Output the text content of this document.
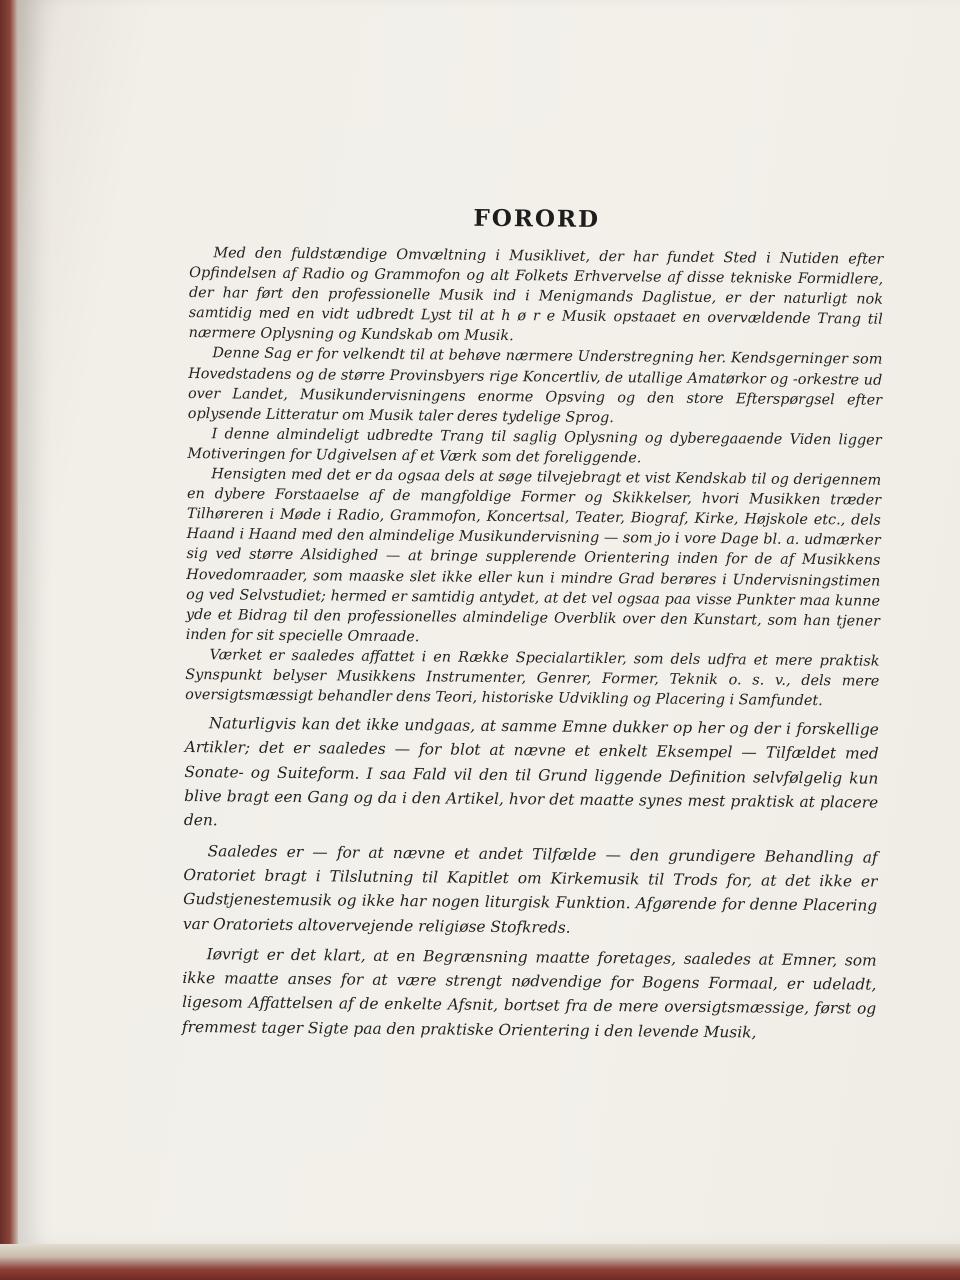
FORORD

Med den fuldstændige Omvæltning i Musiklivet, der har fundet Sted i Nutiden efter Opfindelsen af Radio og Grammofon og alt Folkets Erhvervelse af disse tekniske Formidlere, der har ført den professionelle Musik ind i Menigmands Daglistue, er der naturligt nok samtidig med en vidt udbredt Lyst til at h ø r e Musik opstaaet en overvældende Trang til nærmere Oplysning og Kundskab om Musik.

Denne Sag er for velkendt til at behøve nærmere Understregning her. Kendsgerninger som Hovedstadens og de større Provinsbyers rige Koncertliv, de utallige Amatørkor og -orkestre ud over Landet, Musikundervisningens enorme Opsving og den store Efterspørgsel efter oplysende Litteratur om Musik taler deres tydelige Sprog.

I denne almindeligt udbredte Trang til saglig Oplysning og dyberegaaende Viden ligger Motiveringen for Udgivelsen af et Værk som det foreliggende.

Hensigten med det er da ogsaa dels at søge tilvejebragt et vist Kendskab til og derigennem en dybere Forstaaelse af de mangfoldige Former og Skikkelser, hvori Musikken træder Tilhøreren i Møde i Radio, Grammofon, Koncertsal, Teater, Biograf, Kirke, Højskole etc., dels Haand i Haand med den almindelige Musikundervisning — som jo i vore Dage bl. a. udmærker sig ved større Alsidighed — at bringe supplerende Orientering inden for de af Musikkens Hovedomraader, som maaske slet ikke eller kun i mindre Grad berøres i Undervisningstimen og ved Selvstudiet; hermed er samtidig antydet, at det vel ogsaa paa visse Punkter maa kunne yde et Bidrag til den professionelles almindelige Overblik over den Kunstart, som han tjener inden for sit specielle Omraade.

Værket er saaledes affattet i en Række Specialartikler, som dels udfra et mere praktisk Synspunkt belyser Musikkens Instrumenter, Genrer, Former, Teknik o. s. v., dels mere oversigtsmæssigt behandler dens Teori, historiske Udvikling og Placering i Samfundet.

Naturligvis kan det ikke undgaas, at samme Emne dukker op her og der i forskellige Artikler; det er saaledes — for blot at nævne et enkelt Eksempel — Tilfældet med Sonate- og Suiteform. I saa Fald vil den til Grund liggende Definition selvfølgelig kun blive bragt een Gang og da i den Artikel, hvor det maatte synes mest praktisk at placere den.

Saaledes er — for at nævne et andet Tilfælde — den grundigere Behandling af Oratoriet bragt i Tilslutning til Kapitlet om Kirkemusik til Trods for, at det ikke er Gudstjenestemusik og ikke har nogen liturgisk Funktion. Afgørende for denne Placering var Oratoriets altovervejende religiøse Stofkreds.

Iøvrigt er det klart, at en Begrænsning maatte foretages, saaledes at Emner, som ikke maatte anses for at være strengt nødvendige for Bogens Formaal, er udeladt, ligesom Affattelsen af de enkelte Afsnit, bortset fra de mere oversigtsmæssige, først og fremmest tager Sigte paa den praktiske Orientering i den levende Musik,
